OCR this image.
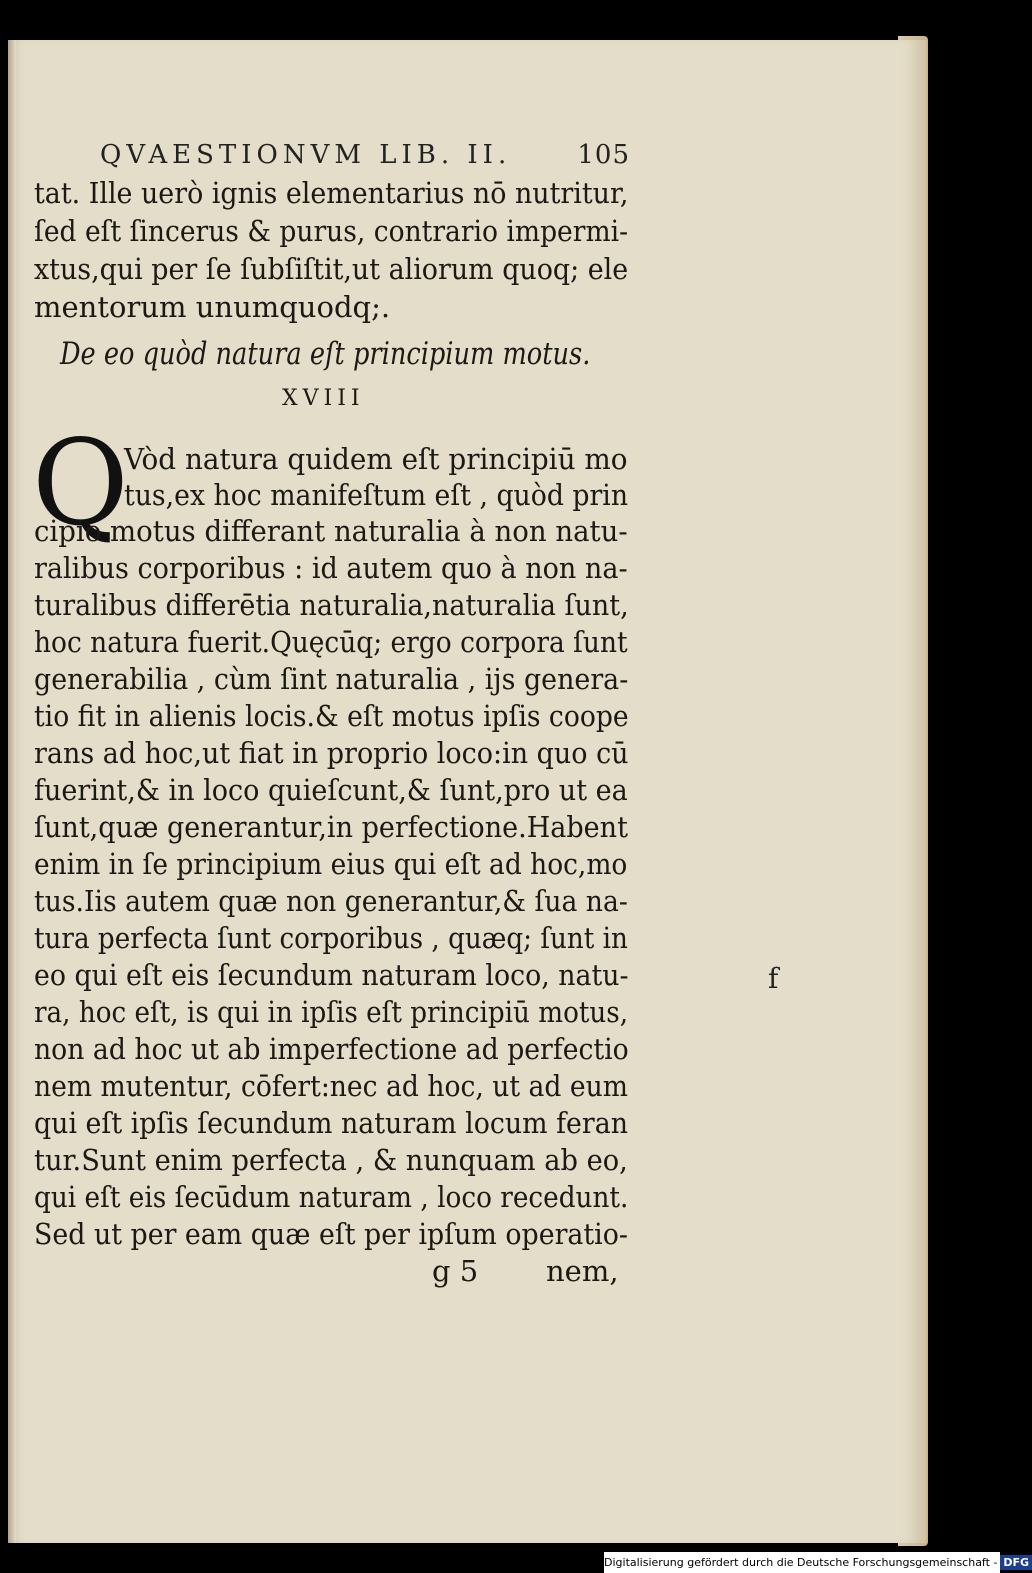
QVAESTIONVM LIB. II.	105
tat. Ille uerò ignis elementarius nō nutritur,
ſed eſt ſincerus & purus, contrario impermi-
xtus,qui per ſe ſubſiſtit,ut aliorum quoq; ele
mentorum unumquodq;.
De eo quòd natura eſt principium motus.
XVIII
Q
Vòd natura quidem eſt principiū mo
tus,ex hoc manifeſtum eſt , quòd prin
cipio motus differant naturalia à non natu-
ralibus corporibus : id autem quo à non na-
turalibus differētia naturalia,naturalia ſunt,
hoc natura fuerit.Quęcūq; ergo corpora ſunt
generabilia , cùm ſint naturalia , ijs genera-
tio fit in alienis locis.& eſt motus ipſis coope
rans ad hoc,ut fiat in proprio loco:in quo cū
fuerint,& in loco quieſcunt,& ſunt,pro ut ea
ſunt,quæ generantur,in perfectione.Habent
enim in ſe principium eius qui eſt ad hoc,mo
tus.Iis autem quæ non generantur,& ſua na-
tura perfecta ſunt corporibus , quæq; ſunt in
eo qui eſt eis ſecundum naturam loco, natu-
ra, hoc eſt, is qui in ipſis eſt principiū motus,
non ad hoc ut ab imperfectione ad perfectio
nem mutentur, cōfert:nec ad hoc, ut ad eum
qui eſt ipſis ſecundum naturam locum feran
tur.Sunt enim perfecta , & nunquam ab eo,
qui eſt eis ſecūdum naturam , loco recedunt.
Sed ut per eam quæ eſt per ipſum operatio-
g 5 nem,
f
Digitalisierung gefördert durch die Deutsche Forschungsgemeinschaft - DFG
